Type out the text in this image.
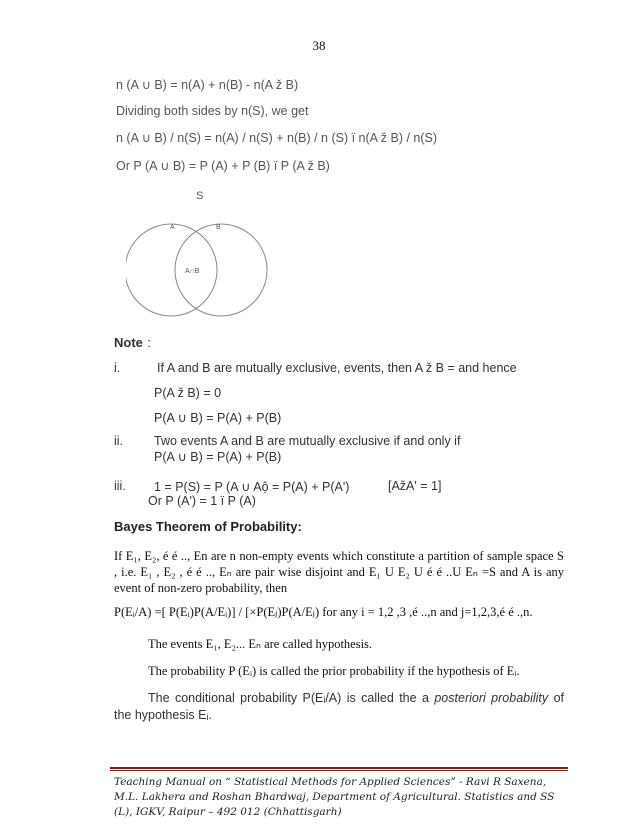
38
n (A ∪ B) = n(A) + n(B) - n(A ž B)
Dividing both sides by n(S), we get
n (A ∪ B) / n(S) = n(A) / n(S) + n(B) / n (S) ï n(A ž B) / n(S)
Or P (A ∪ B) = P (A) + P (B) ï P (A ž B)
S
A	B
A∩B
Note :
i.	If A and B are mutually exclusive, events, then A ž B = and hence
P(A ž B) = 0
P(A ∪ B) = P(A) + P(B)
ii. Two events A and B are mutually exclusive if and only if
P(A ∪ B) = P(A) + P(B)
iii. 1 = P(S) = P (A ∪ Aộ = P(A) + P(A')	[AžA' = 1]
Or P (A') = 1 ï P (A)
Bayes Theorem of Probability:
If E₁, E₂, é é .., En are n non-empty events which constitute a partition of sample space S , i.e. E₁ , E₂ , é é .., Eₙ are pair wise disjoint and E₁ U E₂ U é é ..U Eₙ =S and A is any event of non-zero probability, then
P(Eᵢ/A) =[ P(Eᵢ)P(A/Eᵢ)] / [×P(Eⱼ)P(A/Eⱼ) for any i = 1,2 ,3 ,é ..,n and j=1,2,3,é é .,n.
The events E₁, E₂... Eₙ are called hypothesis.
The probability P (Eᵢ) is called the prior probability if the hypothesis of Eᵢ.
The conditional probability P(Eᵢ/A) is called the a posteriori probability of the hypothesis Eᵢ.
Teaching Manual on “ Statistical Methods for Applied Sciences” - Ravi R Saxena, M.L. Lakhera and Roshan Bhardwaj, Department of Agricultural. Statistics and SS (L), IGKV, Raipur – 492 012 (Chhattisgarh)
